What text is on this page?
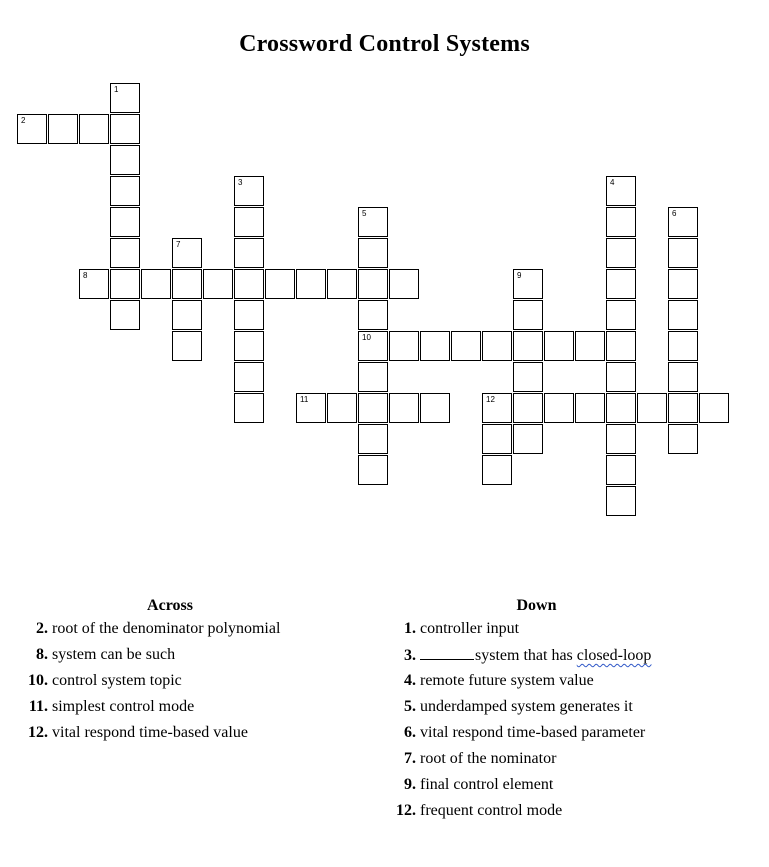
Crossword Control Systems
1
2
3	4
5
10
6
7
8	9
11	12
Across
2. root of the denominator polynomial
8. system can be such
10. control system topic
11. simplest control mode
12. vital respond time-based value
Down
1. controller input
3.	system that has closed-loop
4. remote future system value
5. underdamped system generates it
6. vital respond time-based parameter
7. root of the nominator
9. final control element
12. frequent control mode
